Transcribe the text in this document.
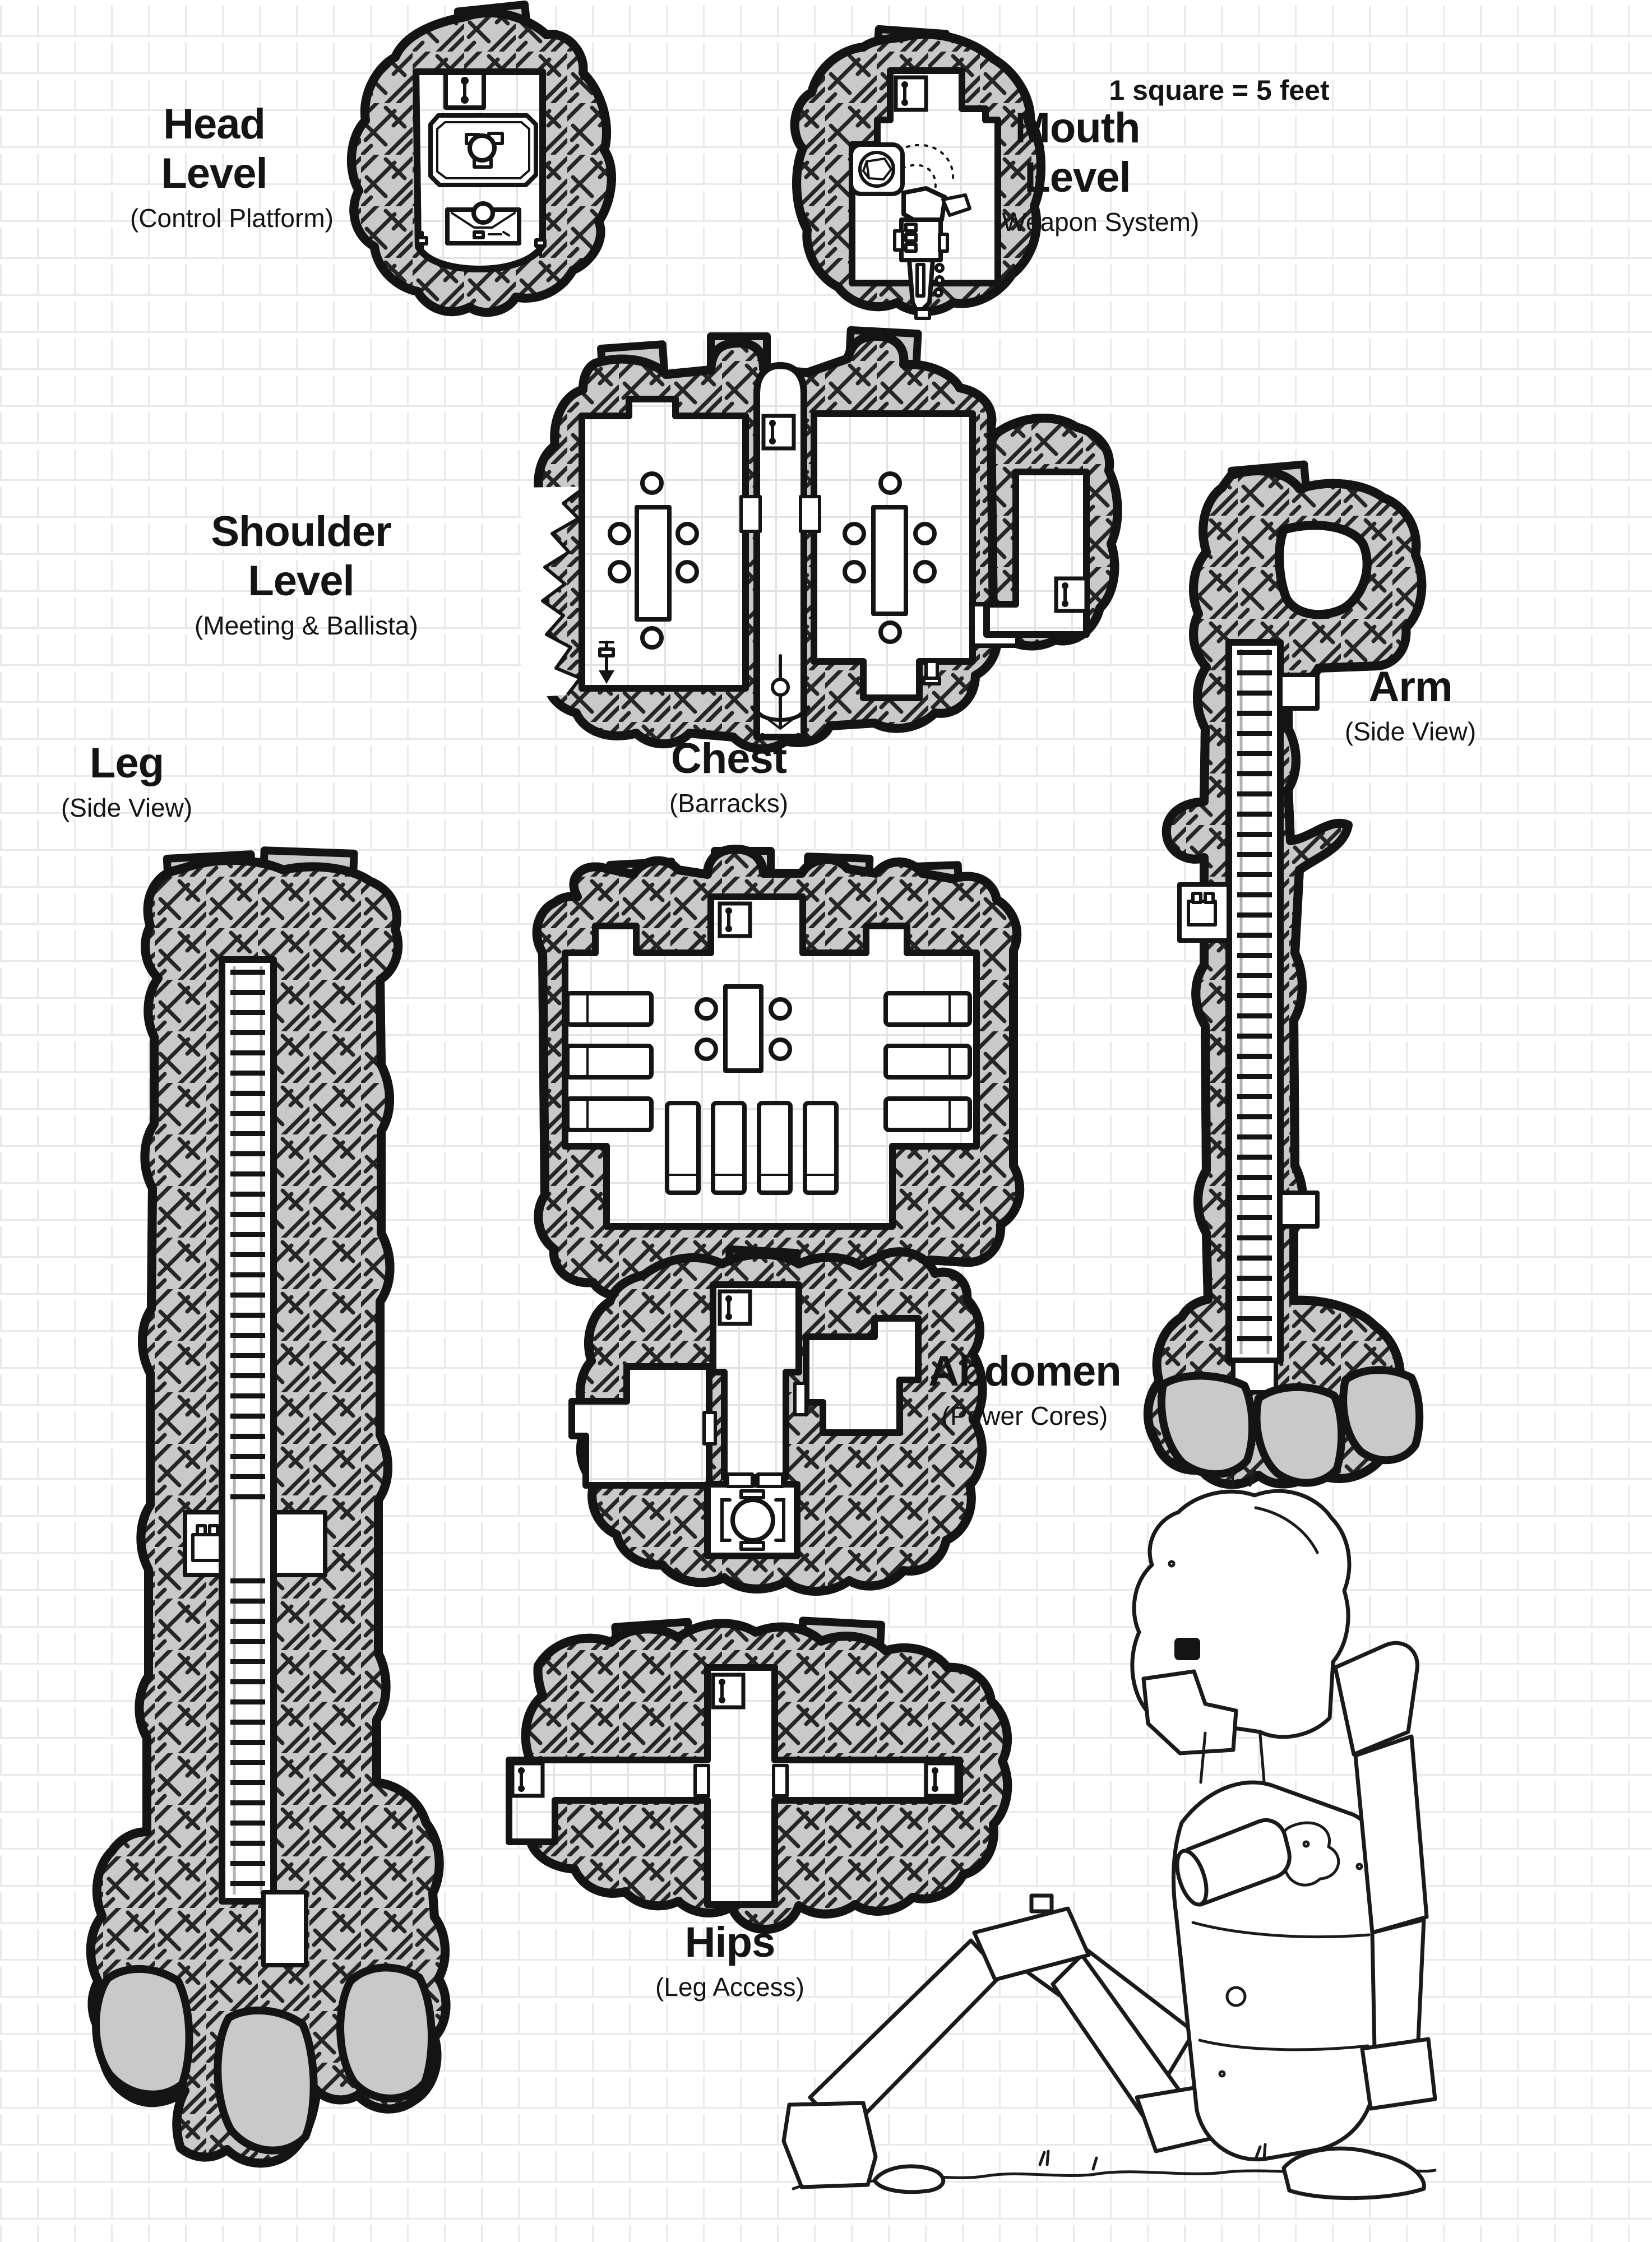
1 square = 5 feet
Head Level

(Control Platform)

Mouth Level

(Weapon System)

Shoulder Level

(Meeting & Ballista)

Chest

(Barracks)

Arm

(Side View)

Leg

(Side View)

Abdomen

(Power Cores)

Hips

(Leg Access)
